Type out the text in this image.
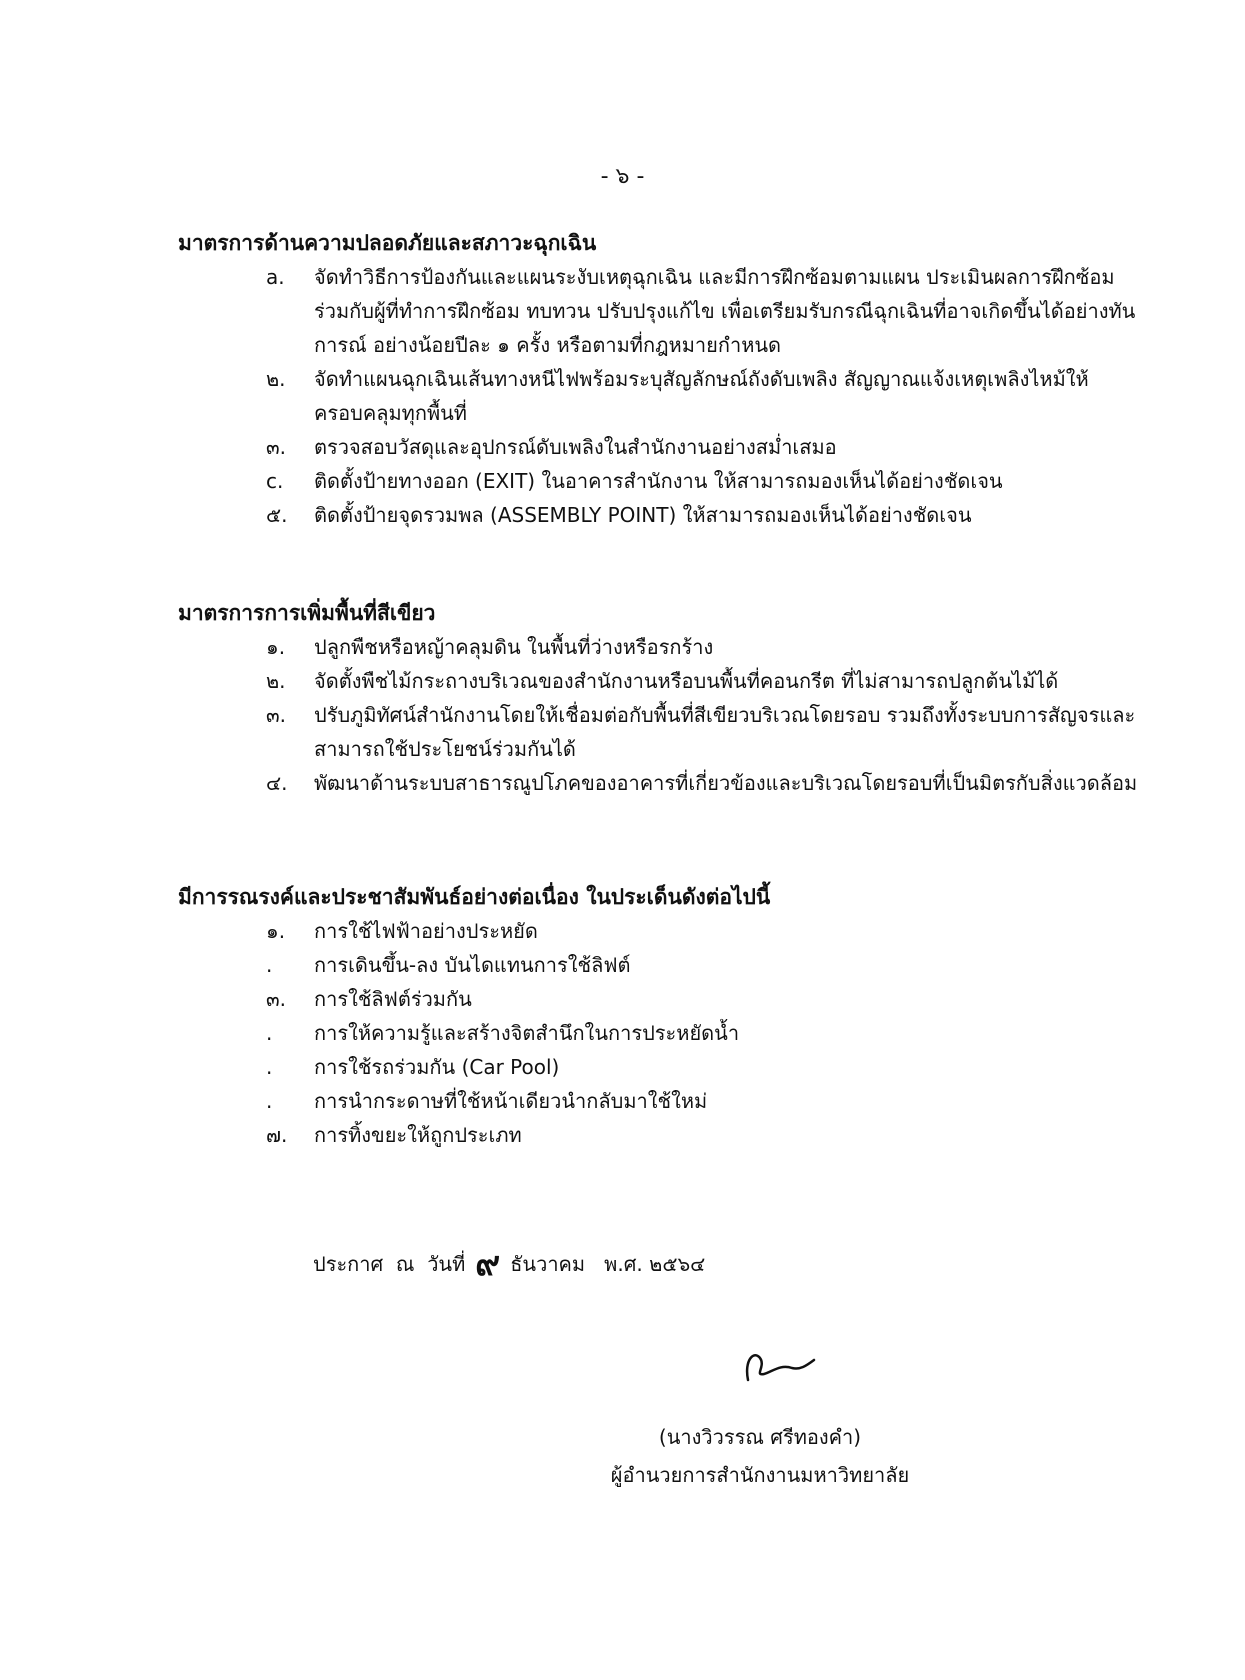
- ๖ -
มาตรการด้านความปลอดภัยและสภาวะฉุกเฉิน
a.	จัดทำวิธีการป้องกันและแผนระงับเหตุฉุกเฉิน และมีการฝึกซ้อมตามแผน ประเมินผลการฝึกซ้อมร่วมกับผู้ที่ทำการฝึกซ้อม ทบทวน ปรับปรุงแก้ไข เพื่อเตรียมรับกรณีฉุกเฉินที่อาจเกิดขึ้นได้อย่างทันการณ์ อย่างน้อยปีละ ๑ ครั้ง หรือตามที่กฎหมายกำหนด
๒.	จัดทำแผนฉุกเฉินเส้นทางหนีไฟพร้อมระบุสัญลักษณ์ถังดับเพลิง สัญญาณแจ้งเหตุเพลิงไหม้ให้ครอบคลุมทุกพื้นที่
๓.	ตรวจสอบวัสดุและอุปกรณ์ดับเพลิงในสำนักงานอย่างสม่ำเสมอ
c.	ติดตั้งป้ายทางออก (EXIT) ในอาคารสำนักงาน ให้สามารถมองเห็นได้อย่างชัดเจน
๕.	ติดตั้งป้ายจุดรวมพล (ASSEMBLY POINT) ให้สามารถมองเห็นได้อย่างชัดเจน
มาตรการการเพิ่มพื้นที่สีเขียว
๑.	ปลูกพืชหรือหญ้าคลุมดิน ในพื้นที่ว่างหรือรกร้าง
๒.	จัดตั้งพืชไม้กระถางบริเวณของสำนักงานหรือบนพื้นที่คอนกรีต ที่ไม่สามารถปลูกต้นไม้ได้
๓.	ปรับภูมิทัศน์สำนักงานโดยให้เชื่อมต่อกับพื้นที่สีเขียวบริเวณโดยรอบ รวมถึงทั้งระบบการสัญจรและสามารถใช้ประโยชน์ร่วมกันได้
๔.	พัฒนาด้านระบบสาธารณูปโภคของอาคารที่เกี่ยวข้องและบริเวณโดยรอบที่เป็นมิตรกับสิ่งแวดล้อม
มีการรณรงค์และประชาสัมพันธ์อย่างต่อเนื่อง ในประเด็นดังต่อไปนี้
๑.	การใช้ไฟฟ้าอย่างประหยัด
.	การเดินขึ้น-ลง บันไดแทนการใช้ลิฟต์
๓.	การใช้ลิฟต์ร่วมกัน
.	การให้ความรู้และสร้างจิตสำนึกในการประหยัดน้ำ
.	การใช้รถร่วมกัน (Car Pool)
.	การนำกระดาษที่ใช้หน้าเดียวนำกลับมาใช้ใหม่
๗.	การทิ้งขยะให้ถูกประเภท
ประกาศ  ณ  วันที่ ๙ ธันวาคม   พ.ศ. ๒๕๖๔
(นางวิวรรณ ศรีทองคำ)
ผู้อำนวยการสำนักงานมหาวิทยาลัย
